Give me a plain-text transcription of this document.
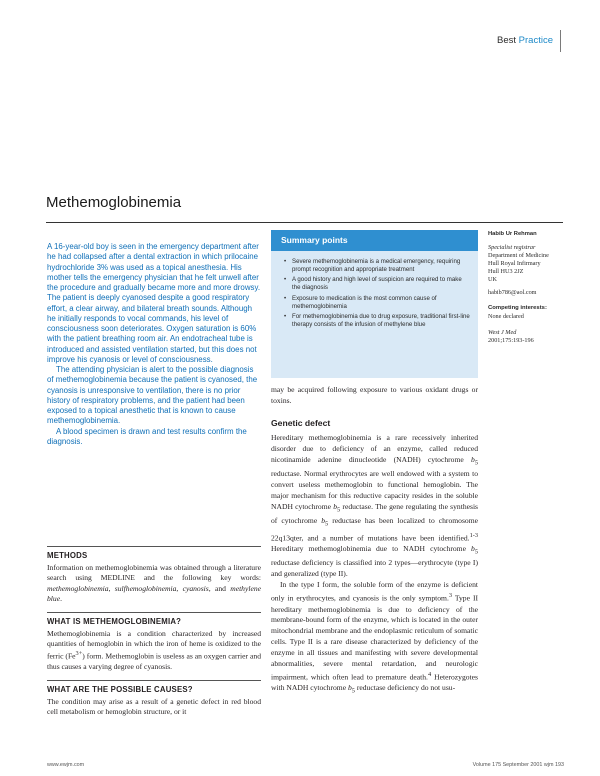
Best Practice
Methemoglobinemia

A 16-year-old boy is seen in the emergency department after he had collapsed after a dental extraction in which prilocaine hydrochloride 3% was used as a topical anesthesia. His mother tells the emergency physician that he felt unwell after the procedure and gradually became more and more drowsy. The patient is deeply cyanosed despite a good respiratory effort, a clear airway, and bilateral breath sounds. Although he initially responds to vocal commands, his level of consciousness soon deteriorates. Oxygen saturation is 60% with the patient breathing room air. An endotracheal tube is introduced and assisted ventilation started, but this does not improve his cyanosis or level of consciousness.

The attending physician is alert to the possible diagnosis of methemoglobinemia because the patient is cyanosed, the cyanosis is unresponsive to ventilation, there is no prior history of respiratory problems, and the patient had been exposed to a topical anesthetic that is known to cause methemoglobinemia.

A blood specimen is drawn and test results confirm the diagnosis.

Summary points
• Severe methemoglobinemia is a medical emergency, requiring prompt recognition and appropriate treatment
• A good history and high level of suspicion are required to make the diagnosis
• Exposure to medication is the most common cause of methemoglobinemia
• For methemoglobinemia due to drug exposure, traditional first-line therapy consists of the infusion of methylene blue
Habib Ur Rehman
Specialist registrar
Department of Medicine
Hull Royal Infirmary
Hull HU3 2JZ
UK
habib786@aol.com
Competing interests:
None declared
West J Med
2001;175:193-196
METHODS

Information on methemoglobinemia was obtained through a literature search using MEDLINE and the following key words: methemoglobinemia, sulfhemoglobinemia, cyanosis, and methylene blue.

WHAT IS METHEMOGLOBINEMIA?

Methemoglobinemia is a condition characterized by increased quantities of hemoglobin in which the iron of heme is oxidized to the ferric $(Fe^{3+})$ form. Methemoglobin is useless as an oxygen carrier and thus causes a varying degree of cyanosis.

WHAT ARE THE POSSIBLE CAUSES?

The condition may arise as a result of a genetic defect in red blood cell metabolism or hemoglobin structure, or it

may be acquired following exposure to various oxidant drugs or toxins.

Genetic defect

Hereditary methemoglobinemia is a rare recessively inherited disorder due to deficiency of an enzyme, called reduced nicotinamide adenine dinucleotide (NADH) cytochrome $b_5$ reductase. Normal erythrocytes are well endowed with a system to convert useless methemoglobin to functional hemoglobin. The major mechanism for this reductive capacity resides in the soluble NADH cytochrome $b_5$ reductase. The gene regulating the synthesis of cytochrome $b_5$ reductase has been localized to chromosome 22q13qter, and a number of mutations have been identified.$^{1-3}$ Hereditary methemoglobinemia due to NADH cytochrome $b_5$ reductase deficiency is classified into 2 types—erythrocyte (type I) and generalized (type II).

In the type I form, the soluble form of the enzyme is deficient only in erythrocytes, and cyanosis is the only symptom.$^3$ Type II hereditary methemoglobinemia is due to deficiency of the membrane-bound form of the enzyme, which is located in the outer mitochondrial membrane and the endoplasmic reticulum of somatic cells. Type II is a rare disease characterized by deficiency of the enzyme in all tissues and manifesting with severe developmental abnormalities, severe mental retardation, and neurologic impairment, which often lead to premature death.$^4$ Heterozygotes with NADH cytochrome $b_5$ reductase deficiency do not usu-

www.ewjm.com	Volume 175 September 2001 wjm 193
